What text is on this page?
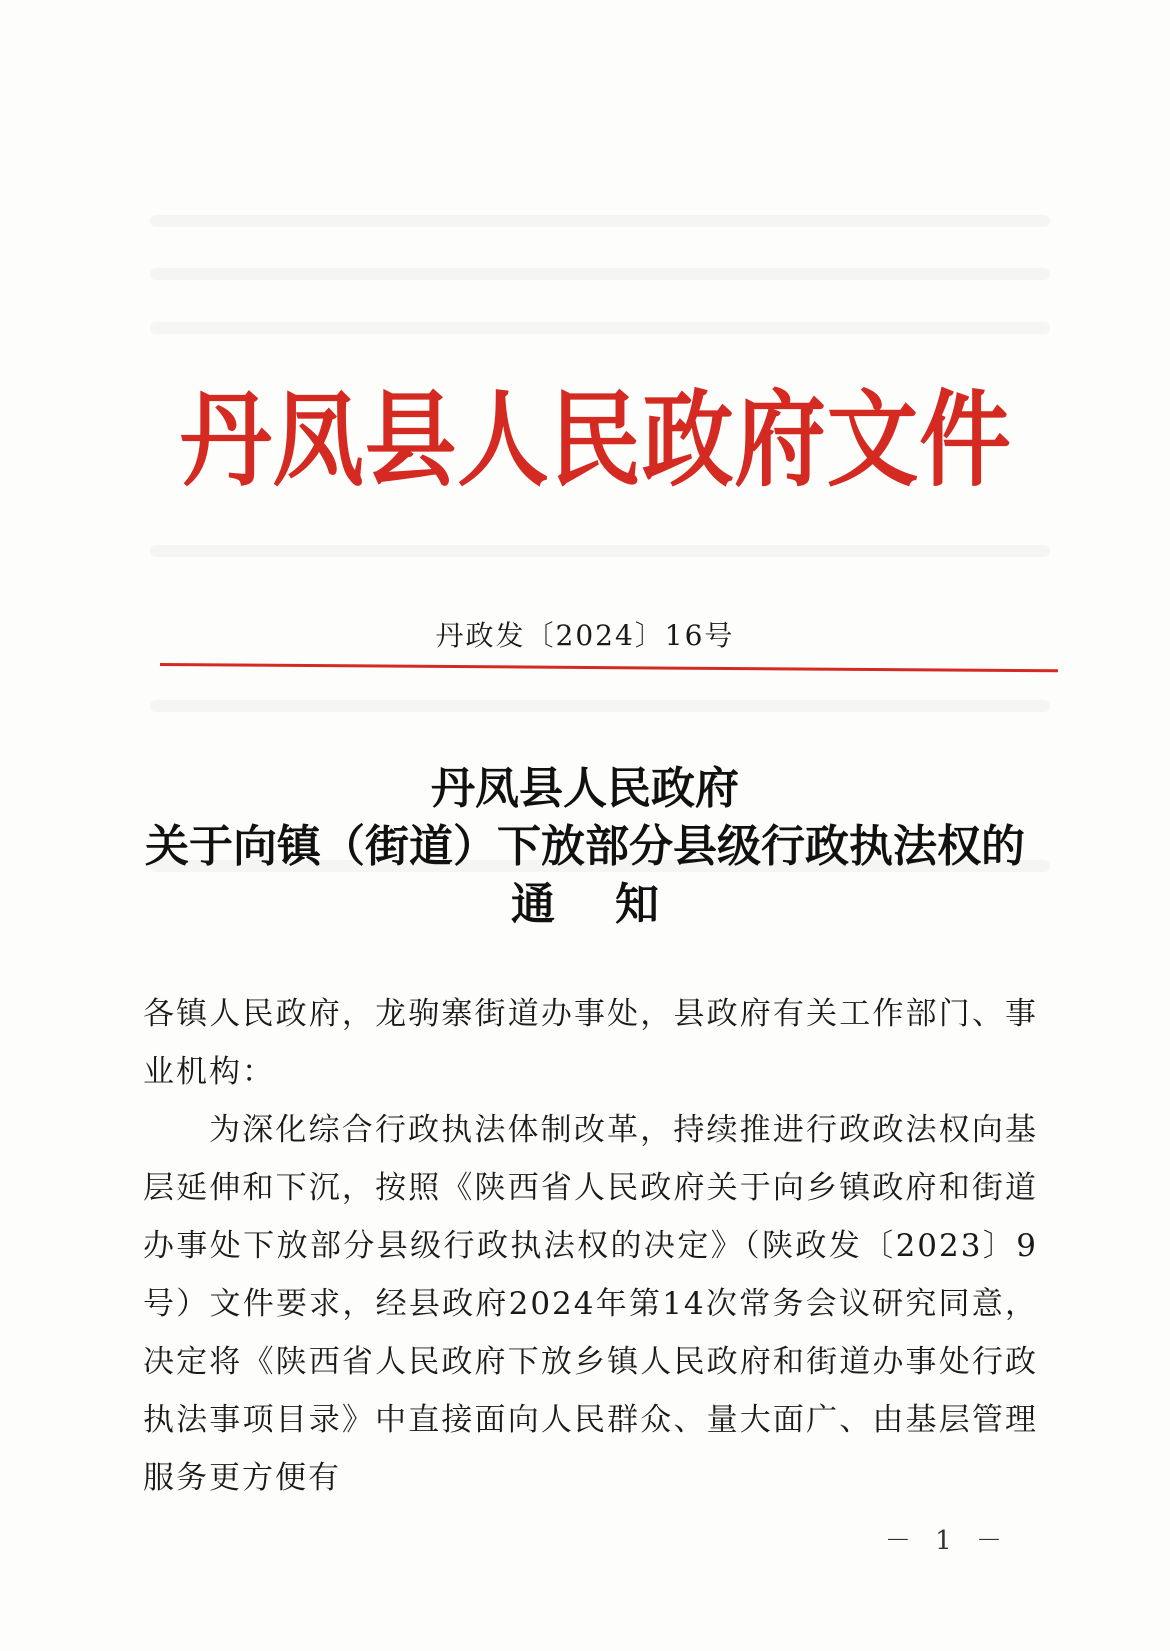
丹凤县人民政府文件
丹政发〔2024〕16号
丹凤县人民政府
关于向镇（街道）下放部分县级行政执法权的
通知

各镇人民政府，龙驹寨街道办事处，县政府有关工作部门、事业机构：

为深化综合行政执法体制改革，持续推进行政政法权向基层延伸和下沉，按照《陕西省人民政府关于向乡镇政府和街道办事处下放部分县级行政执法权的决定》（陕政发〔2023〕9号）文件要求，经县政府2024年第14次常务会议研究同意，决定将《陕西省人民政府下放乡镇人民政府和街道办事处行政执法事项目录》中直接面向人民群众、量大面广、由基层管理服务更方便有

－ 1 －
